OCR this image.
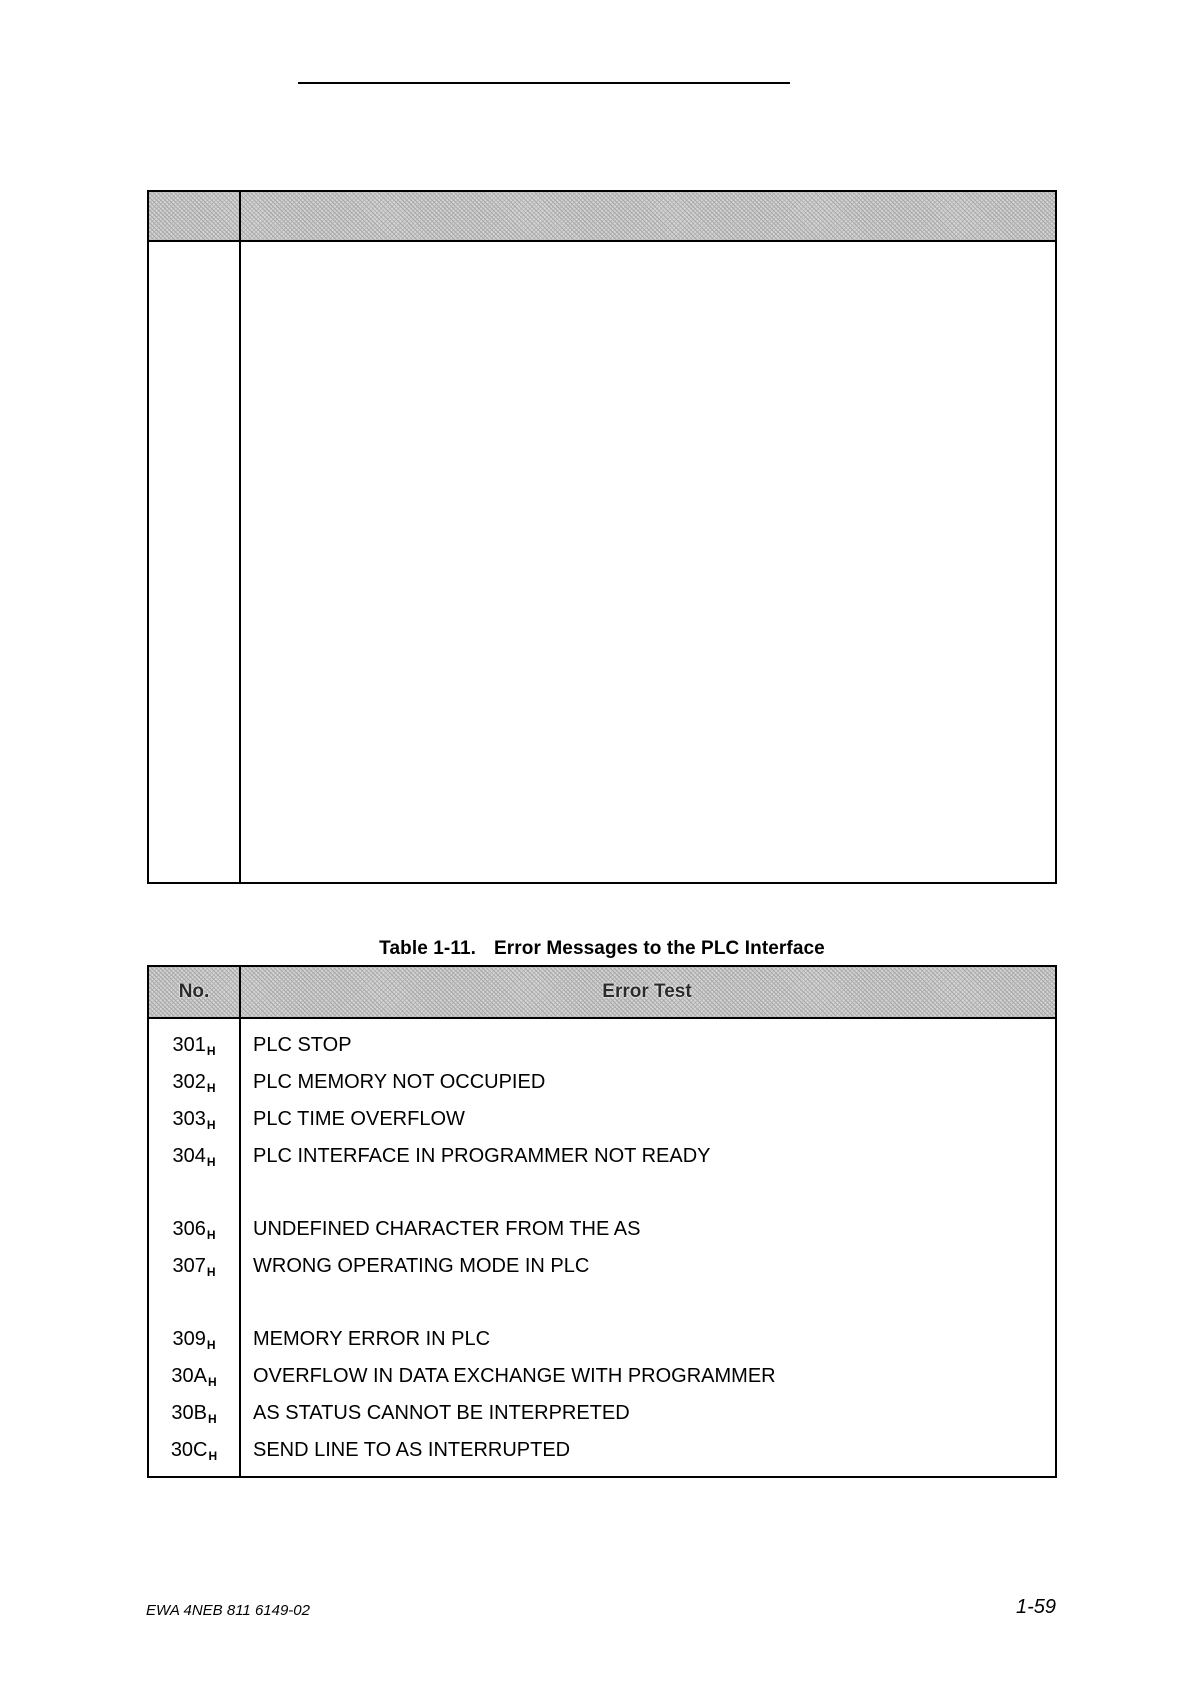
Table 1-11. Error Messages to the PLC Interface
No.	Error Test
$301_H$	PLC STOP
$302_H$	PLC MEMORY NOT OCCUPIED
$303_H$	PLC TIME OVERFLOW
$304_H$	PLC INTERFACE IN PROGRAMMER NOT READY
$306_H$	UNDEFINED CHARACTER FROM THE AS
$307_H$	WRONG OPERATING MODE IN PLC
$309_H$	MEMORY ERROR IN PLC
$30A_H$	OVERFLOW IN DATA EXCHANGE WITH PROGRAMMER
$30B_H$	AS STATUS CANNOT BE INTERPRETED
$30C_H$	SEND LINE TO AS INTERRUPTED
EWA 4NEB 811 6149-02	1-59
